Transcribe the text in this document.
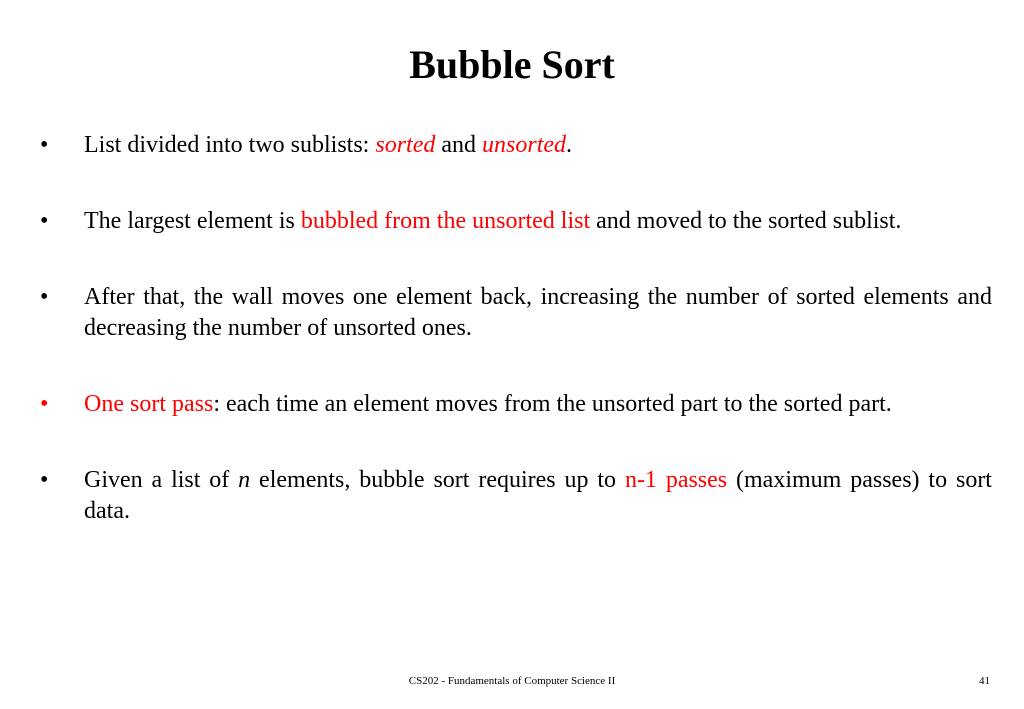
Bubble Sort
•	List divided into two sublists: sorted and unsorted.
•	The largest element is bubbled from the unsorted list and moved to the sorted sublist.
•	After that, the wall moves one element back, increasing the number of sorted elements and decreasing the number of unsorted ones.
•	One sort pass: each time an element moves from the unsorted part to the sorted part.
•	Given a list of n elements, bubble sort requires up to n-1 passes (maximum passes) to sort data.
CS202 - Fundamentals of Computer Science II	41
